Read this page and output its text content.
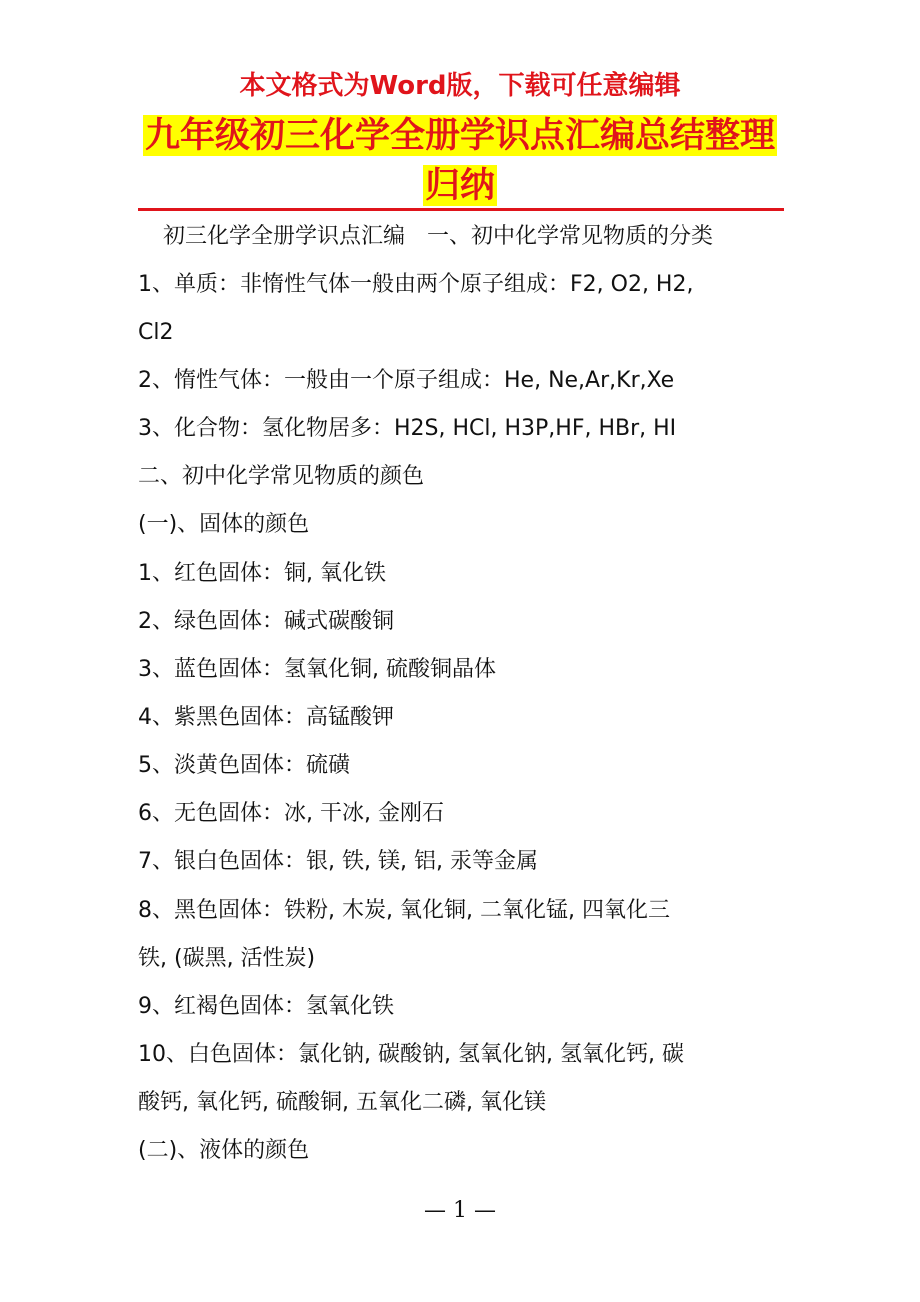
本文格式为Word版，下载可任意编辑
九年级初三化学全册学识点汇编总结整理
归纳
初三化学全册学识点汇编　一、初中化学常见物质的分类
1、单质：非惰性气体一般由两个原子组成：F2, O2, H2,
Cl2
2、惰性气体：一般由一个原子组成：He, Ne,Ar,Kr,Xe
3、化合物：氢化物居多：H2S, HCl, H3P,HF, HBr, HI
二、初中化学常见物质的颜色
(一)、固体的颜色
1、红色固体：铜, 氧化铁
2、绿色固体：碱式碳酸铜
3、蓝色固体：氢氧化铜, 硫酸铜晶体
4、紫黑色固体：高锰酸钾
5、淡黄色固体：硫磺
6、无色固体：冰, 干冰, 金刚石
7、银白色固体：银, 铁, 镁, 铝, 汞等金属
8、黑色固体：铁粉, 木炭, 氧化铜, 二氧化锰, 四氧化三
铁, (碳黑, 活性炭)
9、红褐色固体：氢氧化铁
10、白色固体：氯化钠, 碳酸钠, 氢氧化钠, 氢氧化钙, 碳
酸钙, 氧化钙, 硫酸铜, 五氧化二磷, 氧化镁
(二)、液体的颜色
— 1 —
